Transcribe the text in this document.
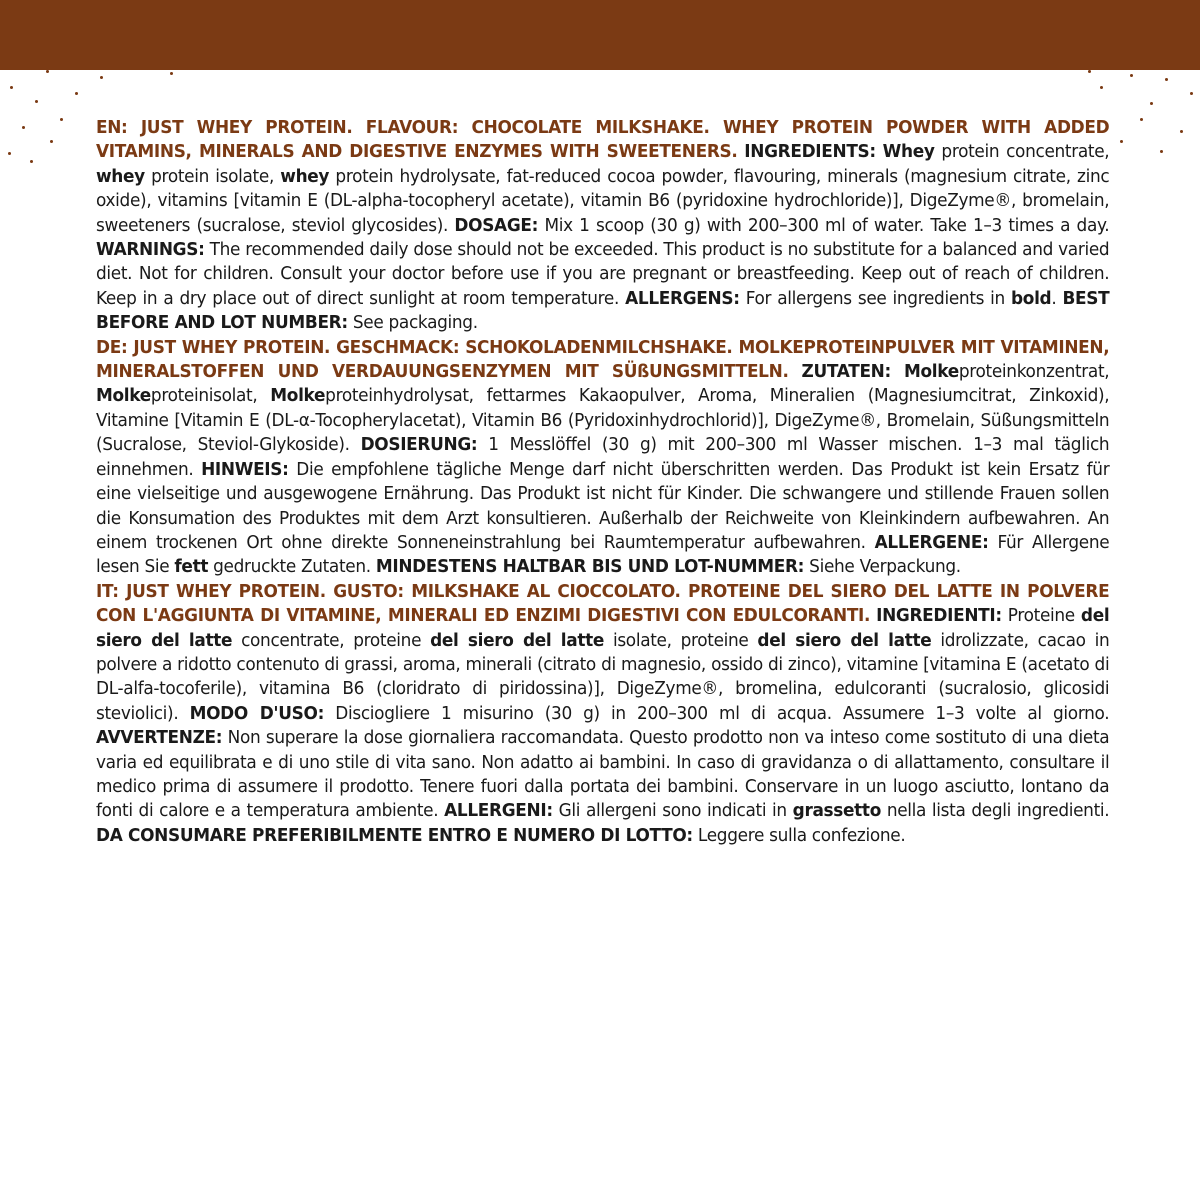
EN: JUST WHEY PROTEIN. FLAVOUR: CHOCOLATE MILKSHAKE. WHEY PROTEIN POWDER WITH ADDED VITAMINS, MINERALS AND DIGESTIVE ENZYMES WITH SWEETENERS. INGREDIENTS: Whey protein concentrate, whey protein isolate, whey protein hydrolysate, fat-reduced cocoa powder, flavouring, minerals (magnesium citrate, zinc oxide), vitamins [vitamin E (DL-alpha-tocopheryl acetate), vitamin B6 (pyridoxine hydrochloride)], DigeZyme®, bromelain, sweeteners (sucralose, steviol glycosides). DOSAGE: Mix 1 scoop (30 g) with 200–300 ml of water. Take 1–3 times a day. WARNINGS: The recommended daily dose should not be exceeded. This product is no substitute for a balanced and varied diet. Not for children. Consult your doctor before use if you are pregnant or breastfeeding. Keep out of reach of children. Keep in a dry place out of direct sunlight at room temperature. ALLERGENS: For allergens see ingredients in bold. BEST BEFORE AND LOT NUMBER: See packaging.

DE: JUST WHEY PROTEIN. GESCHMACK: SCHOKOLADENMILCHSHAKE. MOLKEPROTEINPULVER MIT VITAMINEN, MINERALSTOFFEN UND VERDAUUNGSENZYMEN MIT SÜßUNGSMITTELN. ZUTATEN: Molkeproteinkonzentrat, Molkeproteinisolat, Molkeproteinhydrolysat, fettarmes Kakaopulver, Aroma, Mineralien (Magnesiumcitrat, Zinkoxid), Vitamine [Vitamin E (DL-α-Tocopherylacetat), Vitamin B6 (Pyridoxinhydrochlorid)], DigeZyme®, Bromelain, Süßungsmitteln (Sucralose, Steviol-Glykoside). DOSIERUNG: 1 Messlöffel (30 g) mit 200–300 ml Wasser mischen. 1–3 mal täglich einnehmen. HINWEIS: Die empfohlene tägliche Menge darf nicht überschritten werden. Das Produkt ist kein Ersatz für eine vielseitige und ausgewogene Ernährung. Das Produkt ist nicht für Kinder. Die schwangere und stillende Frauen sollen die Konsumation des Produktes mit dem Arzt konsultieren. Außerhalb der Reichweite von Kleinkindern aufbewahren. An einem trockenen Ort ohne direkte Sonneneinstrahlung bei Raumtemperatur aufbewahren. ALLERGENE: Für Allergene lesen Sie fett gedruckte Zutaten. MINDESTENS HALTBAR BIS UND LOT-NUMMER: Siehe Verpackung.

IT: JUST WHEY PROTEIN. GUSTO: MILKSHAKE AL CIOCCOLATO. PROTEINE DEL SIERO DEL LATTE IN POLVERE CON L'AGGIUNTA DI VITAMINE, MINERALI ED ENZIMI DIGESTIVI CON EDULCORANTI. INGREDIENTI: Proteine del siero del latte concentrate, proteine del siero del latte isolate, proteine del siero del latte idrolizzate, cacao in polvere a ridotto contenuto di grassi, aroma, minerali (citrato di magnesio, ossido di zinco), vitamine [vitamina E (acetato di DL-alfa-tocoferile), vitamina B6 (cloridrato di piridossina)], DigeZyme®, bromelina, edulcoranti (sucralosio, glicosidi steviolici). MODO D'USO: Disciogliere 1 misurino (30 g) in 200–300 ml di acqua. Assumere 1–3 volte al giorno. AVVERTENZE: Non superare la dose giornaliera raccomandata. Questo prodotto non va inteso come sostituto di una dieta varia ed equilibrata e di uno stile di vita sano. Non adatto ai bambini. In caso di gravidanza o di allattamento, consultare il medico prima di assumere il prodotto. Tenere fuori dalla portata dei bambini. Conservare in un luogo asciutto, lontano da fonti di calore e a temperatura ambiente. ALLERGENI: Gli allergeni sono indicati in grassetto nella lista degli ingredienti. DA CONSUMARE PREFERIBILMENTE ENTRO E NUMERO DI LOTTO: Leggere sulla confezione.
